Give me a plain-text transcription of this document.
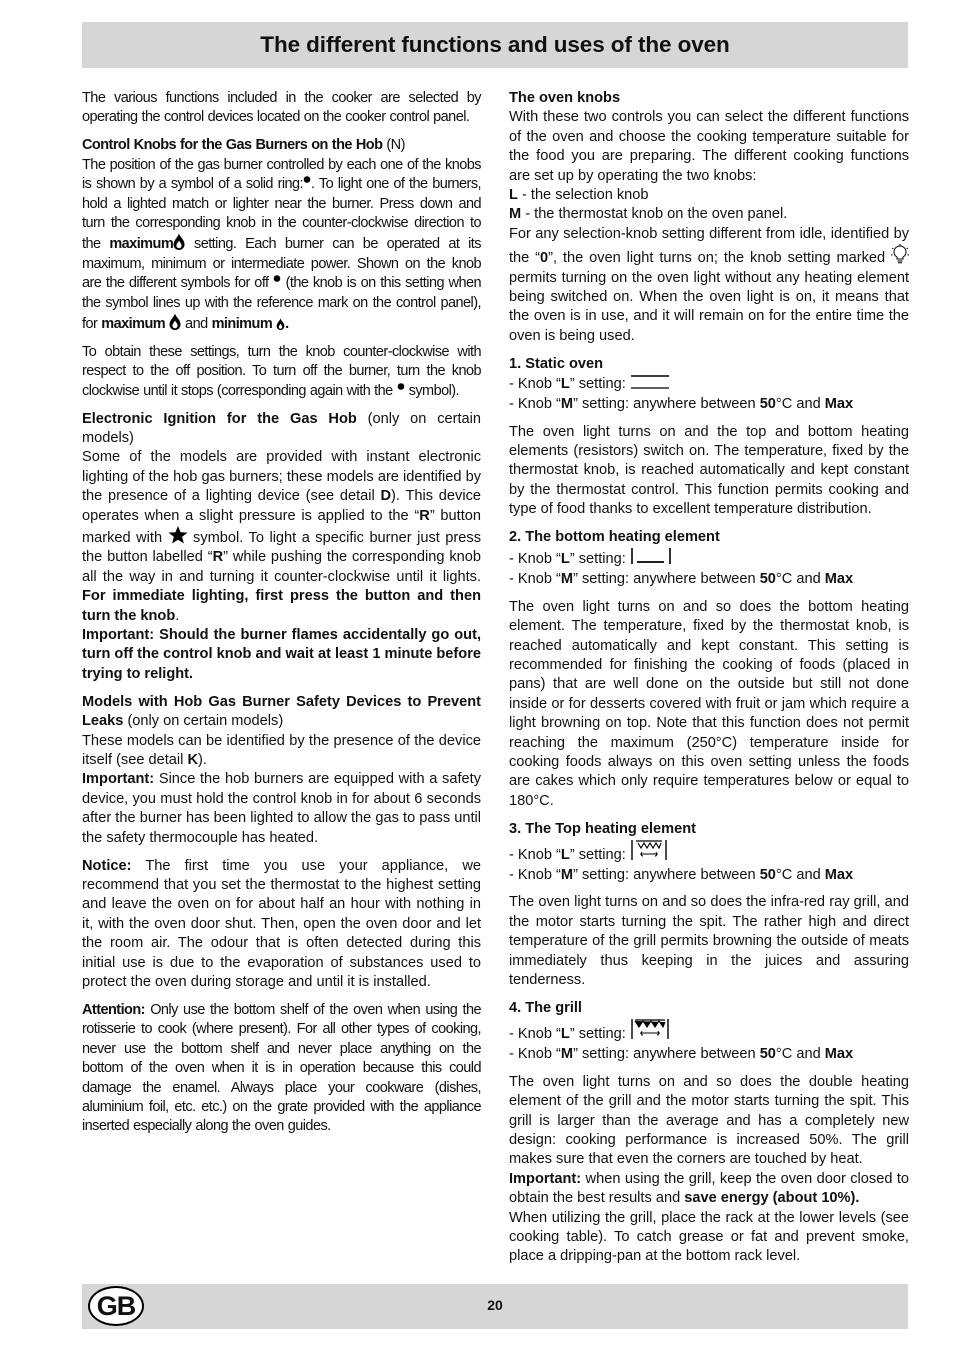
The different functions and uses of the oven

The various functions included in the cooker are selected by operating the control devices located on the cooker control panel.

Control Knobs for the Gas Burners on the Hob (N)
The position of the gas burner controlled by each one of the knobs is shown by a symbol of a solid ring: . To light one of the burners, hold a lighted match or lighter near the burner. Press down and turn the corresponding knob in the counter-clockwise direction to the maximum setting. Each burner can be operated at its maximum, minimum or intermediate power. Shown on the knob are the different symbols for off  (the knob is on this setting when the symbol lines up with the reference mark on the control panel), for maximum  and minimum .

To obtain these settings, turn the knob counter-clockwise with respect to the off position. To turn off the burner, turn the knob clockwise until it stops (corresponding again with the  symbol).

Electronic Ignition for the Gas Hob (only on certain models)
Some of the models are provided with instant electronic lighting of the hob gas burners; these models are identified by the presence of a lighting device (see detail D). This device operates when a slight pressure is applied to the “R” button marked with  symbol. To light a specific burner just press the button labelled “R” while pushing the corresponding knob all the way in and turning it counter-clockwise until it lights. For immediate lighting, first press the button and then turn the knob.
Important: Should the burner flames accidentally go out, turn off the control knob and wait at least 1 minute before trying to relight.

Models with Hob Gas Burner Safety Devices to Prevent Leaks (only on certain models)
These models can be identified by the presence of the device itself (see detail K).
Important: Since the hob burners are equipped with a safety device, you must hold the control knob in for about 6 seconds after the burner has been lighted to allow the gas to pass until the safety thermocouple has heated.

Notice: The first time you use your appliance, we recommend that you set the thermostat to the highest setting and leave the oven on for about half an hour with nothing in it, with the oven door shut. Then, open the oven door and let the room air. The odour that is often detected during this initial use is due to the evaporation of substances used to protect the oven during storage and until it is installed.

Attention: Only use the bottom shelf of the oven when using the rotisserie to cook (where present). For all other types of cooking, never use the bottom shelf and never place anything on the bottom of the oven when it is in operation because this could damage the enamel. Always place your cookware (dishes, aluminium foil, etc. etc.) on the grate provided with the appliance inserted especially along the oven guides.

The oven knobs
With these two controls you can select the different functions of the oven and choose the cooking temperature suitable for the food you are preparing. The different cooking functions are set up by operating the two knobs:
L - the selection knob
M - the thermostat knob on the oven panel.
For any selection-knob setting different from idle, identified by the “0”, the oven light turns on; the knob setting marked  permits turning on the oven light without any heating element being switched on. When the oven light is on, it means that the oven is in use, and it will remain on for the entire time the oven is being used.

1. Static oven
- Knob “L” setting:
- Knob “M” setting: anywhere between 50°C and Max

The oven light turns on and the top and bottom heating elements (resistors) switch on. The temperature, fixed by the thermostat knob, is reached automatically and kept constant by the thermostat control. This function permits cooking and type of food thanks to excellent temperature distribution.

2. The bottom heating element
- Knob “L” setting:
- Knob “M” setting: anywhere between 50°C and Max

The oven light turns on and so does the bottom heating element. The temperature, fixed by the thermostat knob, is reached automatically and kept constant. This setting is recommended for finishing the cooking of foods (placed in pans) that are well done on the outside but still not done inside or for desserts covered with fruit or jam which require a light browning on top. Note that this function does not permit reaching the maximum (250°C) temperature inside for cooking foods always on this oven setting unless the foods are cakes which only require temperatures below or equal to 180°C.

3. The Top heating element
- Knob “L” setting:
- Knob “M” setting: anywhere between 50°C and Max

The oven light turns on and so does the infra-red ray grill, and the motor starts turning the spit. The rather high and direct temperature of the grill permits browning the outside of meats immediately thus keeping in the juices and assuring tenderness.

4. The grill
- Knob “L” setting:
- Knob “M” setting: anywhere between 50°C and Max

The oven light turns on and so does the double heating element of the grill and the motor starts turning the spit. This grill is larger than the average and has a completely new design: cooking performance is increased 50%. The grill makes sure that even the corners are touched by heat.
Important: when using the grill, keep the oven door closed to obtain the best results and save energy (about 10%).
When utilizing the grill, place the rack at the lower levels (see cooking table). To catch grease or fat and prevent smoke, place a dripping-pan at the bottom rack level.

GB	20
